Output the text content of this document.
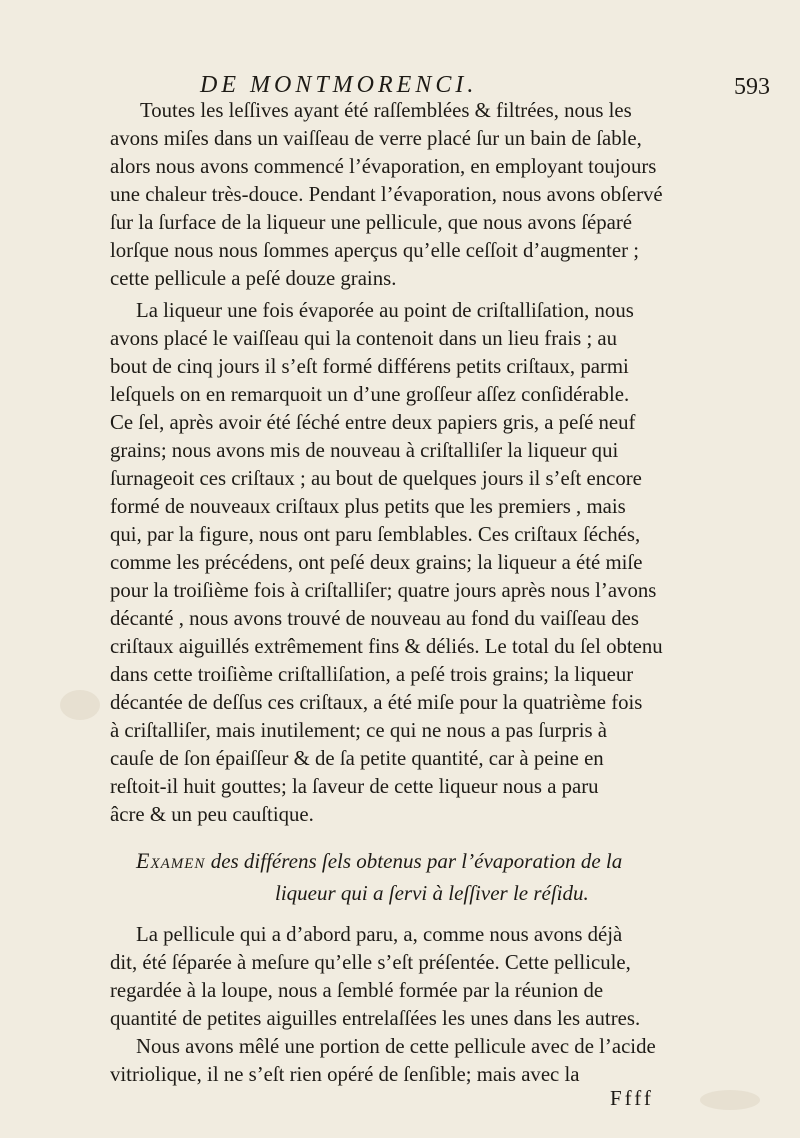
DE MONTMORENCI.	593
Toutes les leſſives ayant été raſſemblées & filtrées, nous les
avons miſes dans un vaiſſeau de verre placé ſur un bain de ſable,
alors nous avons commencé l’évaporation, en employant toujours
une chaleur très-douce. Pendant l’évaporation, nous avons obſervé
ſur la ſurface de la liqueur une pellicule, que nous avons ſéparé
lorſque nous nous ſommes aperçus qu’elle ceſſoit d’augmenter ;
cette pellicule a peſé douze grains.
La liqueur une fois évaporée au point de criſtalliſation, nous
avons placé le vaiſſeau qui la contenoit dans un lieu frais ; au
bout de cinq jours il s’eſt formé différens petits criſtaux, parmi
leſquels on en remarquoit un d’une groſſeur aſſez conſidérable.
Ce ſel, après avoir été ſéché entre deux papiers gris, a peſé neuf
grains; nous avons mis de nouveau à criſtalliſer la liqueur qui
ſurnageoit ces criſtaux ; au bout de quelques jours il s’eſt encore
formé de nouveaux criſtaux plus petits que les premiers , mais
qui, par la figure, nous ont paru ſemblables. Ces criſtaux ſéchés,
comme les précédens, ont peſé deux grains; la liqueur a été miſe
pour la troiſième fois à criſtalliſer; quatre jours après nous l’avons
décanté , nous avons trouvé de nouveau au fond du vaiſſeau des
criſtaux aiguillés extrêmement fins & déliés. Le total du ſel obtenu
dans cette troiſième criſtalliſation, a peſé trois grains; la liqueur
décantée de deſſus ces criſtaux, a été miſe pour la quatrième fois
à criſtalliſer, mais inutilement; ce qui ne nous a pas ſurpris à
cauſe de ſon épaiſſeur & de ſa petite quantité, car à peine en
reſtoit-il huit gouttes; la ſaveur de cette liqueur nous a paru
âcre & un peu cauſtique.
Examen des différens ſels obtenus par l’évaporation de la
liqueur qui a ſervi à leſſiver le réſidu.
La pellicule qui a d’abord paru, a, comme nous avons déjà
dit, été ſéparée à meſure qu’elle s’eſt préſentée. Cette pellicule,
regardée à la loupe, nous a ſemblé formée par la réunion de
quantité de petites aiguilles entrelaſſées les unes dans les autres.
Nous avons mêlé une portion de cette pellicule avec de l’acide
vitriolique, il ne s’eſt rien opéré de ſenſible; mais avec la
Ffff
